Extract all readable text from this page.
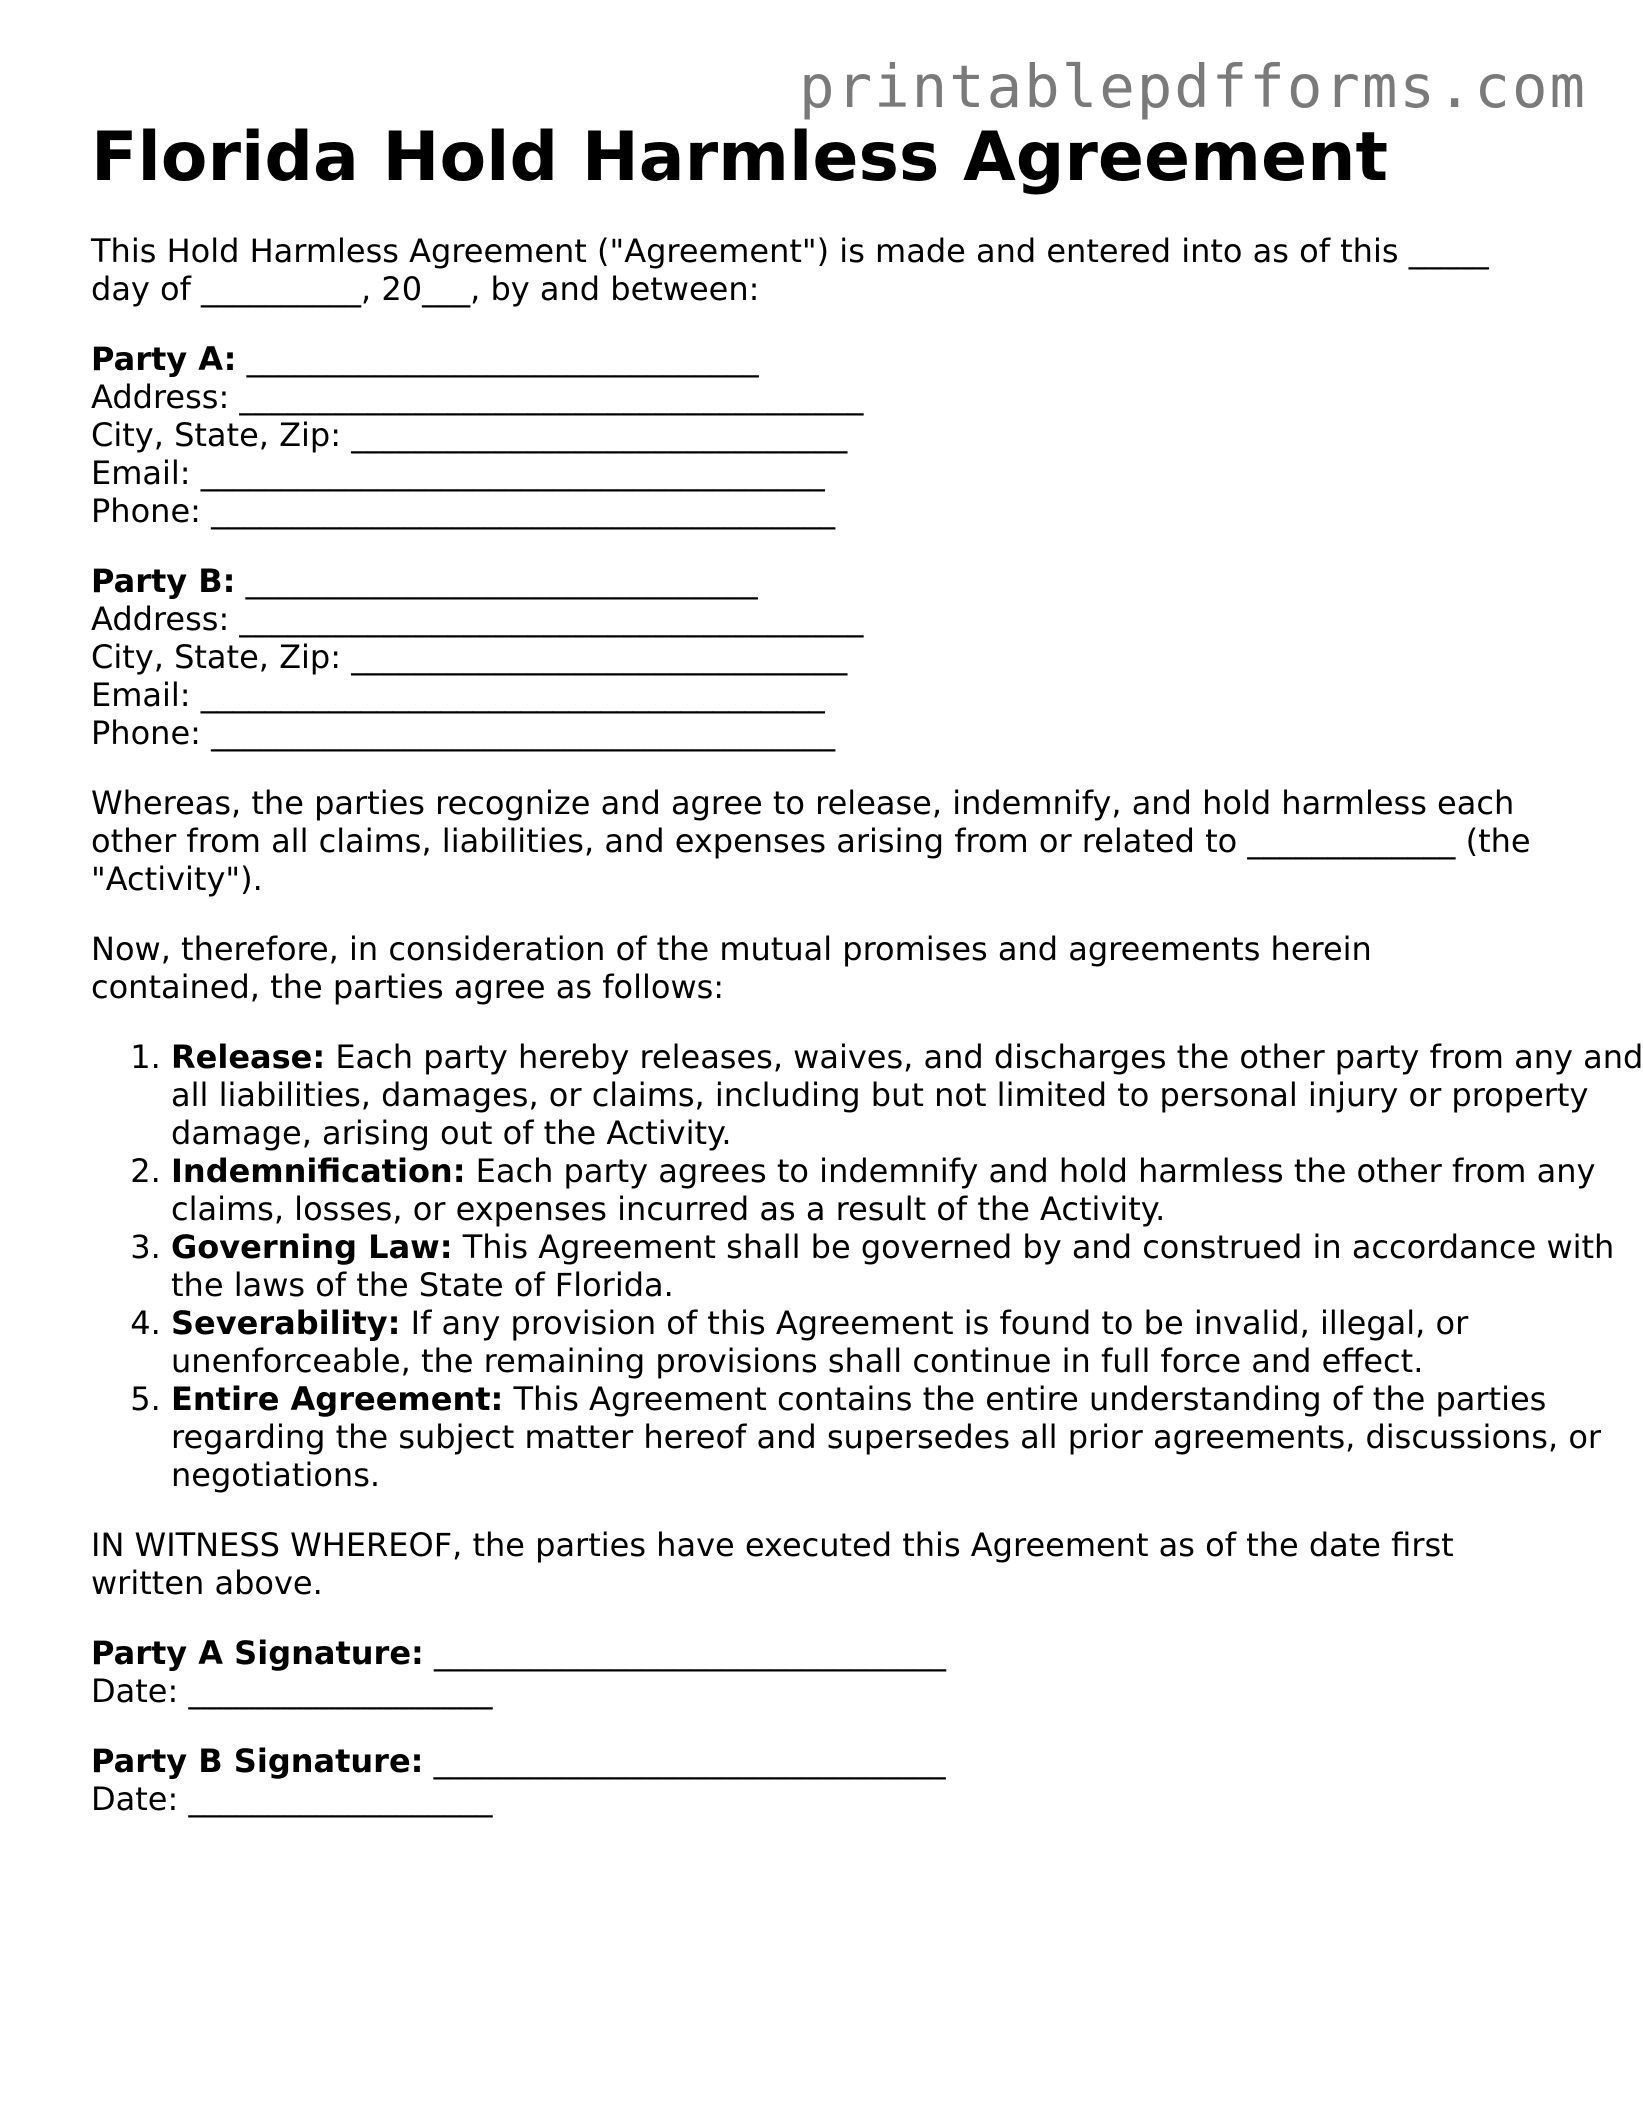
printablepdfforms.com
Florida Hold Harmless Agreement
This Hold Harmless Agreement ("Agreement") is made and entered into as of this _____
day of __________, 20___, by and between:
Party A: ________________________________
Address: _______________________________________
City, State, Zip: _______________________________
Email: _______________________________________
Phone: _______________________________________
Party B: ________________________________
Address: _______________________________________
City, State, Zip: _______________________________
Email: _______________________________________
Phone: _______________________________________
Whereas, the parties recognize and agree to release, indemnify, and hold harmless each other from all claims, liabilities, and expenses arising from or related to _____________ (the "Activity").
Now, therefore, in consideration of the mutual promises and agreements herein contained, the parties agree as follows:
1. Release: Each party hereby releases, waives, and discharges the other party from any and all liabilities, damages, or claims, including but not limited to personal injury or property damage, arising out of the Activity.
2. Indemnification: Each party agrees to indemnify and hold harmless the other from any claims, losses, or expenses incurred as a result of the Activity.
3. Governing Law: This Agreement shall be governed by and construed in accordance with the laws of the State of Florida.
4. Severability: If any provision of this Agreement is found to be invalid, illegal, or unenforceable, the remaining provisions shall continue in full force and effect.
5. Entire Agreement: This Agreement contains the entire understanding of the parties regarding the subject matter hereof and supersedes all prior agreements, discussions, or negotiations.
IN WITNESS WHEREOF, the parties have executed this Agreement as of the date first written above.
Party A Signature: ________________________________
Date: ___________________
Party B Signature: ________________________________
Date: ___________________
